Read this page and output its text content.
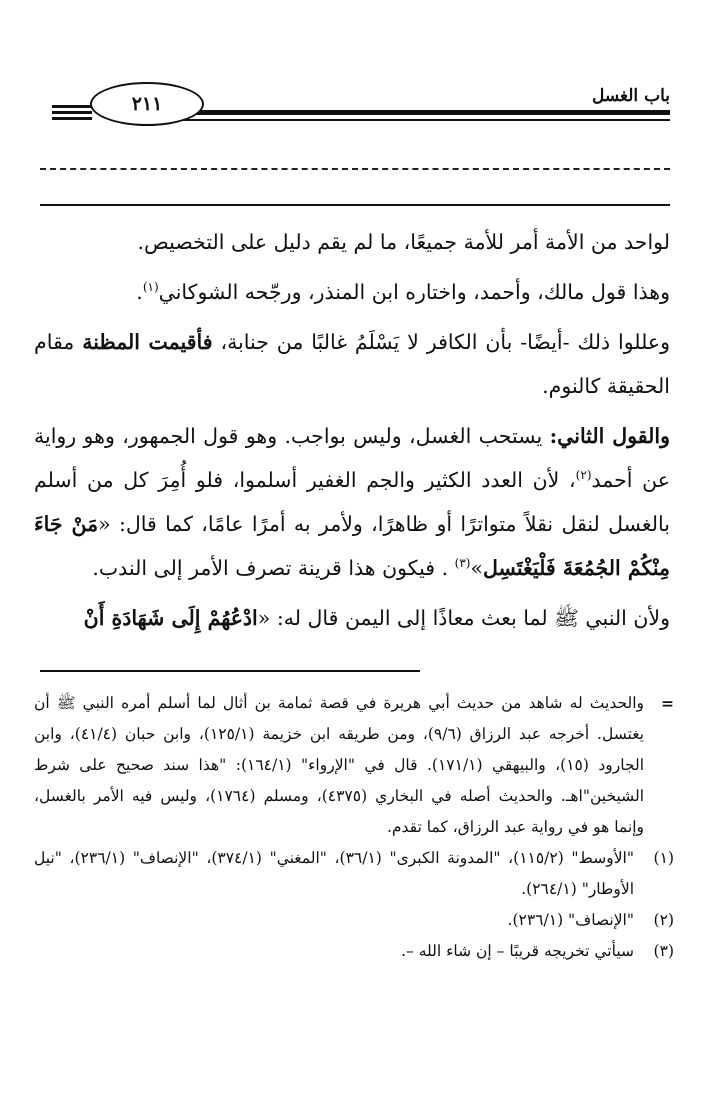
باب الغسل
٢١١

لواحد من الأمة أمر للأمة جميعًا، ما لم يقم دليل على التخصيص.

وهذا قول مالك، وأحمد، واختاره ابن المنذر، ورجّحه الشوكاني$^{(١)}$.

وعللوا ذلك -أيضًا- بأن الكافر لا يَسْلَمُ غالبًا من جنابة، فأقيمت المظنة مقام الحقيقة كالنوم.

والقول الثاني: يستحب الغسل، وليس بواجب. وهو قول الجمهور، وهو رواية عن أحمد$^{(٢)}$، لأن العدد الكثير والجم الغفير أسلموا، فلو أُمِرَ كل من أسلم بالغسل لنقل نقلاً متواترًا أو ظاهرًا، ولأمر به أمرًا عامًا، كما قال: «مَنْ جَاءَ مِنْكُمْ الجُمُعَةَ فَلْيَغْتَسِل»$^{(٣)}$ . فيكون هذا قرينة تصرف الأمر إلى الندب.

ولأن النبي ﷺ لما بعث معاذًا إلى اليمن قال له: «ادْعُهُمْ إِلَى شَهَادَةِ أَنْ

=
والحديث له شاهد من حديث أبي هريرة في قصة ثمامة بن أثال لما أسلم أمره النبي ﷺ أن يغتسل. أخرجه عبد الرزاق (٩/٦)، ومن طريقه ابن خزيمة (١٢٥/١)، وابن حبان (٤١/٤)، وابن الجارود (١٥)، والبيهقي (١٧١/١). قال في "الإرواء" (١٦٤/١): "هذا سند صحيح على شرط الشيخين"اهـ. والحديث أصله في البخاري (٤٣٧٥)، ومسلم (١٧٦٤)، وليس فيه الأمر بالغسل، وإنما هو في رواية عبد الرزاق، كما تقدم.

(١)
"الأوسط" (١١٥/٢)، "المدونة الكبرى" (٣٦/١)، "المغني" (٣٧٤/١)، "الإنصاف" (٢٣٦/١)، "نيل الأوطار" (٢٦٤/١).

(٢)
"الإنصاف" (٢٣٦/١).

(٣)
سيأتي تخريجه قريبًا – إن شاء الله –.
